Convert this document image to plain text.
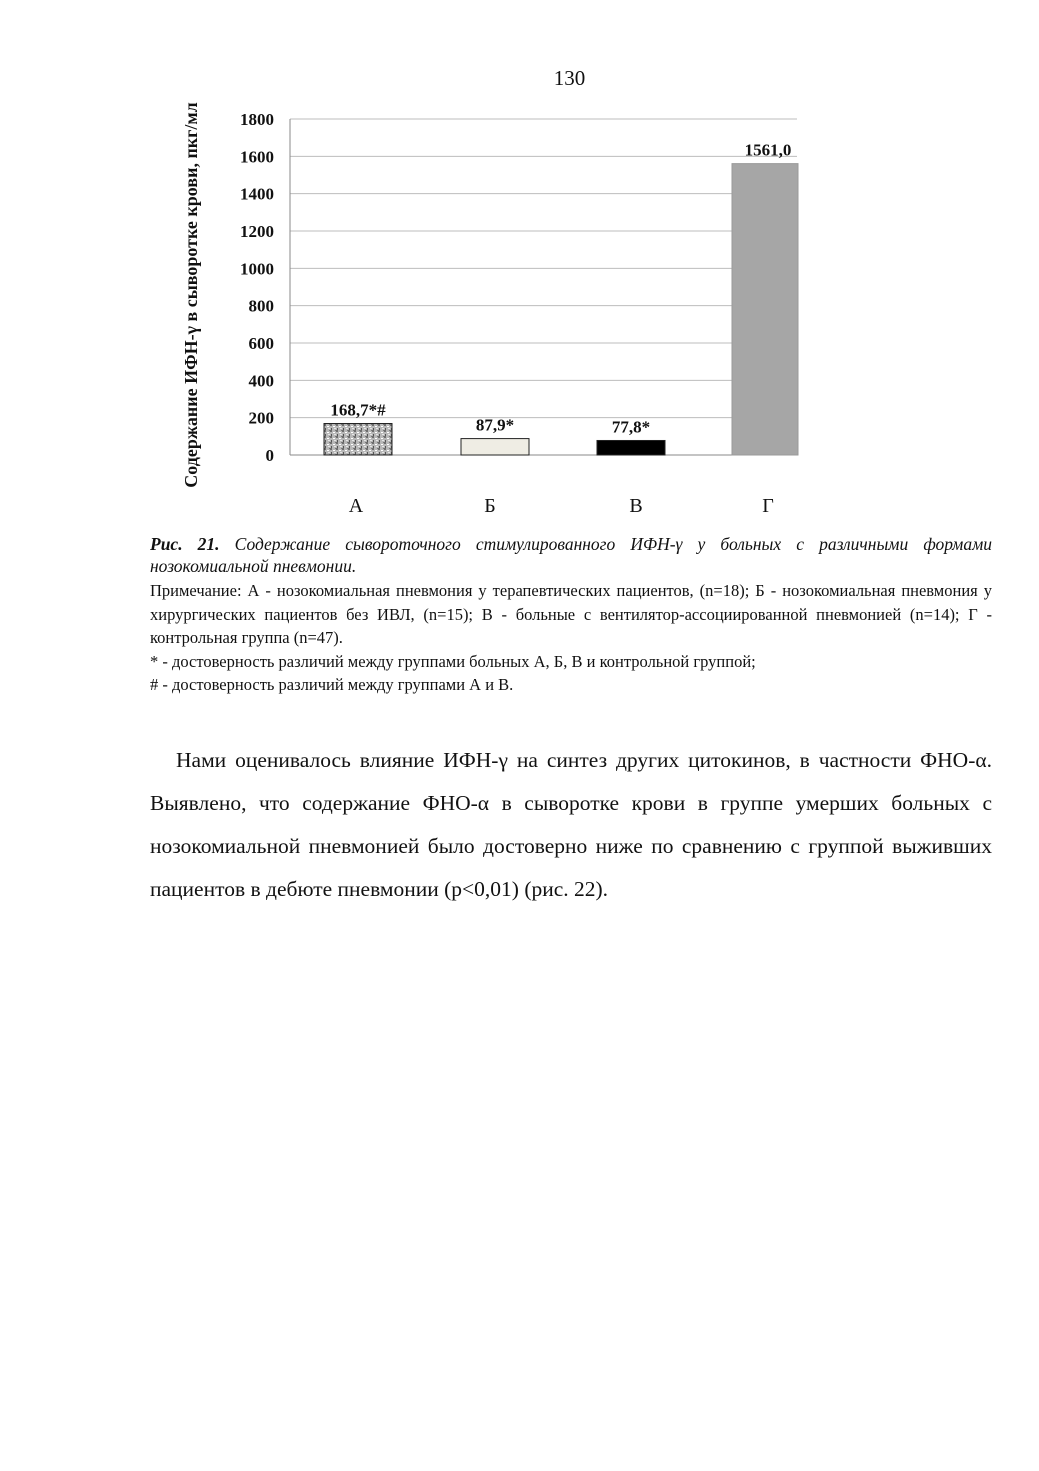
130
0
200
400
600
800
1000
1200
1400
1600
1800
168,7*#
87,9*	77,8*
1561,0
А	Б	В	Г
Содержание ИФН-γ в сыворотке крови, пкг/мл
Рис. 21. Содержание сывороточного стимулированного ИФН-γ у больных с различными формами нозокомиальной пневмонии.

Примечание: А - нозокомиальная пневмония у терапевтических пациентов, (n=18); Б - нозокомиальная пневмония у хирургических пациентов без ИВЛ, (n=15); В - больные с вентилятор-ассоциированной пневмонией (n=14); Г - контрольная группа (n=47).

* - достоверность различий между группами больных А, Б, В и контрольной группой;

# - достоверность различий между группами А и В.

Нами оценивалось влияние ИФН-γ на синтез других цитокинов, в частности ФНО-α. Выявлено, что содержание ФНО-α в сыворотке крови в группе умерших больных с нозокомиальной пневмонией было достоверно ниже по сравнению с группой выживших пациентов в дебюте пневмонии (р<0,01) (рис. 22).
